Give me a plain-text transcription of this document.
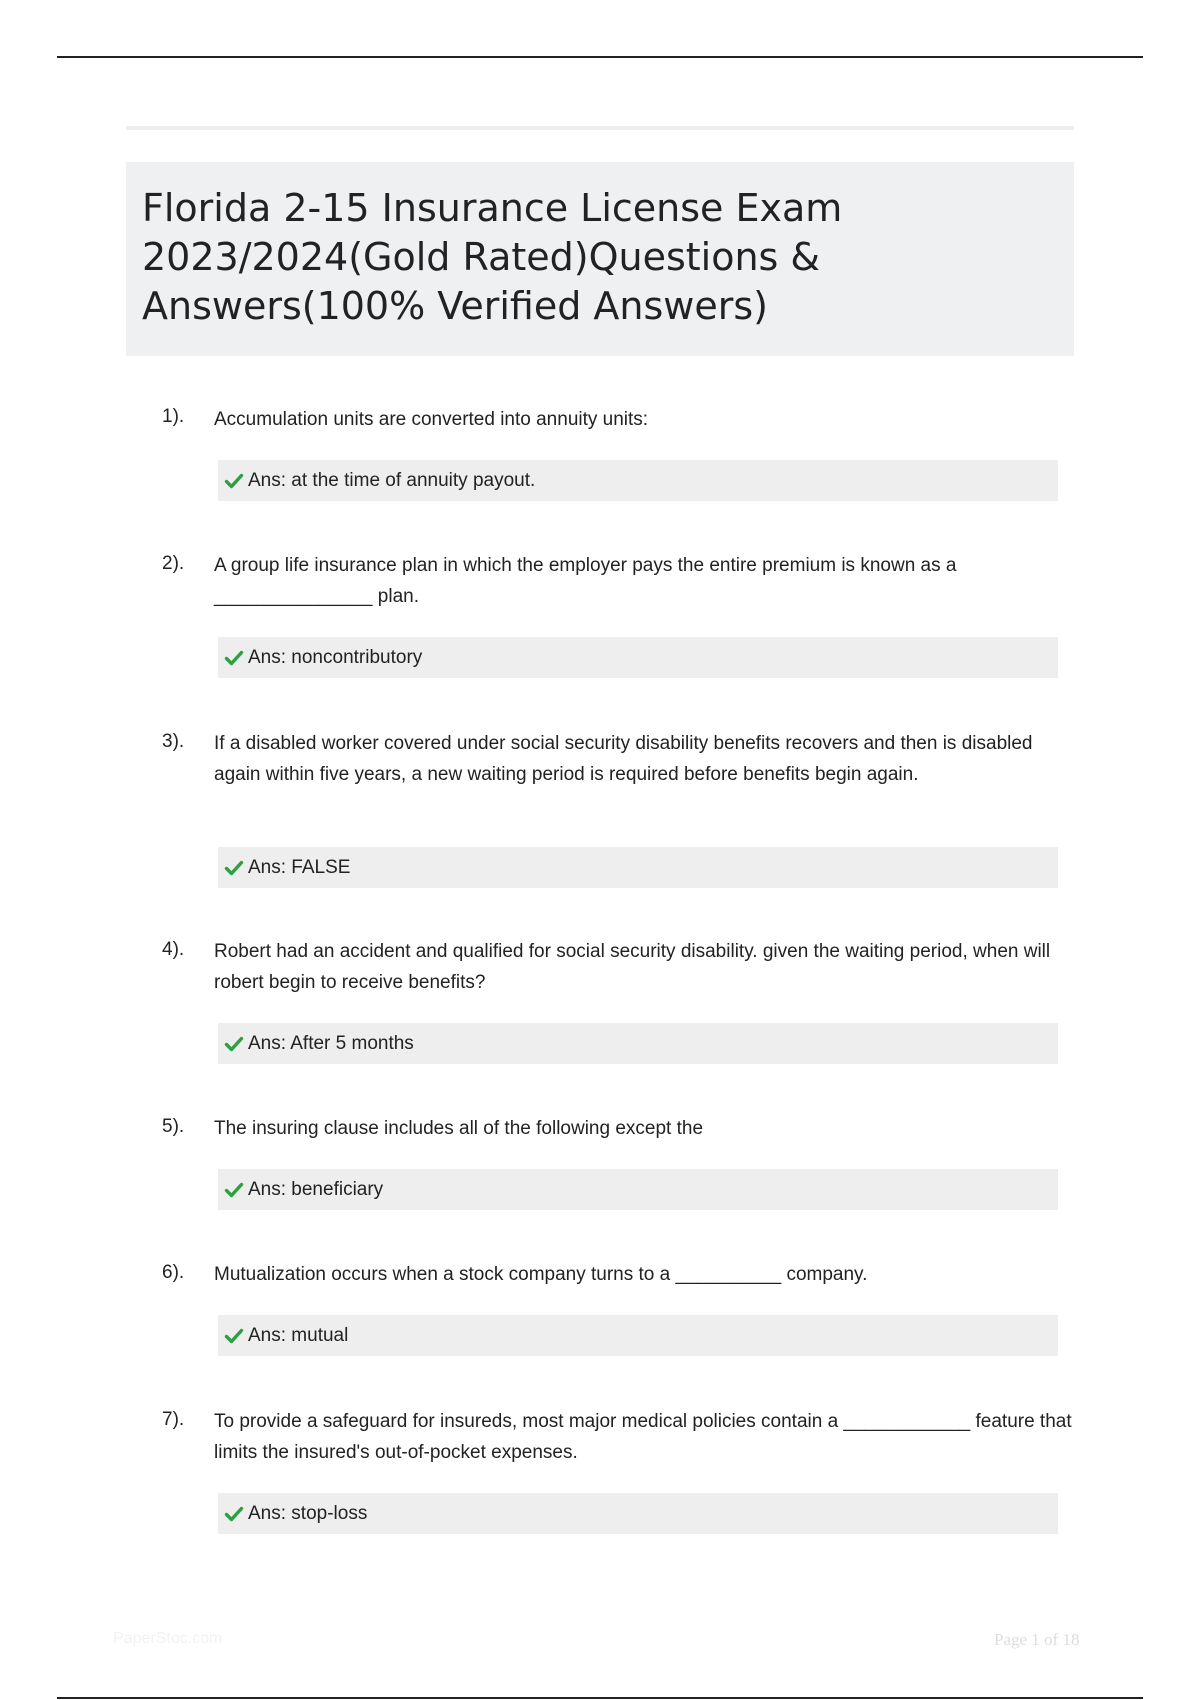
Florida 2-15 Insurance License Exam 2023/2024(Gold Rated)Questions & Answers(100% Verified Answers)
1). Accumulation units are converted into annuity units:
Ans: at the time of annuity payout.
2). A group life insurance plan in which the employer pays the entire premium is known as a _______________ plan.
Ans: noncontributory
3). If a disabled worker covered under social security disability benefits recovers and then is disabled again within five years, a new waiting period is required before benefits begin again.
Ans: FALSE
4). Robert had an accident and qualified for social security disability. given the waiting period, when will robert begin to receive benefits?
Ans: After 5 months
5). The insuring clause includes all of the following except the
Ans: beneficiary
6). Mutualization occurs when a stock company turns to a __________ company.
Ans: mutual
7). To provide a safeguard for insureds, most major medical policies contain a ____________ feature that limits the insured's out-of-pocket expenses.
Ans: stop-loss
PaperStoc.com	Page 1 of 18
